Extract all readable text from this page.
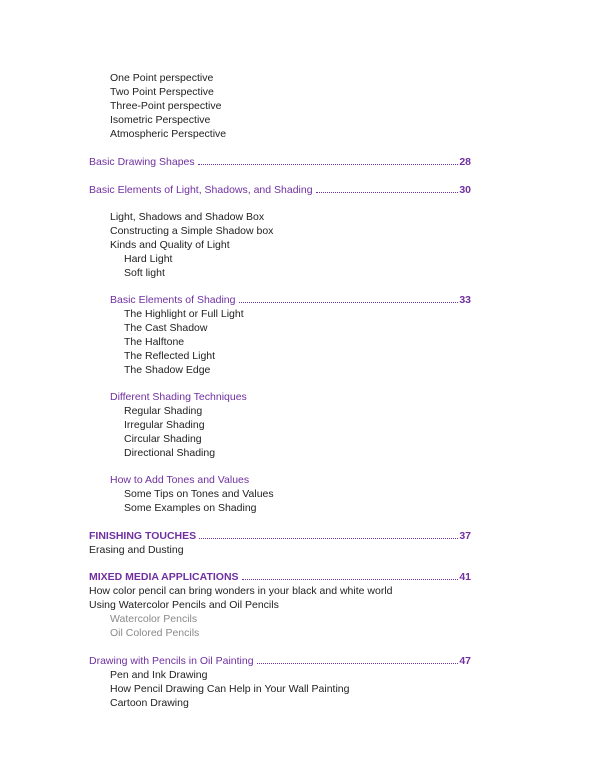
One Point perspective
Two Point Perspective
Three-Point perspective
Isometric Perspective
Atmospheric Perspective
Basic Drawing Shapes	28
Basic Elements of Light, Shadows, and Shading	30
Light, Shadows and Shadow Box
Constructing a Simple Shadow box
Kinds and Quality of Light
Hard Light
Soft light
Basic Elements of Shading	33
The Highlight or Full Light
The Cast Shadow
The Halftone
The Reflected Light
The Shadow Edge
Different Shading Techniques
Regular Shading
Irregular Shading
Circular Shading
Directional Shading
How to Add Tones and Values
Some Tips on Tones and Values
Some Examples on Shading
FINISHING TOUCHES	37
Erasing and Dusting
MIXED MEDIA APPLICATIONS	41
How color pencil can bring wonders in your black and white world
Using Watercolor Pencils and Oil Pencils
Watercolor Pencils
Oil Colored Pencils
Drawing with Pencils in Oil Painting	47
Pen and Ink Drawing
How Pencil Drawing Can Help in Your Wall Painting
Cartoon Drawing
